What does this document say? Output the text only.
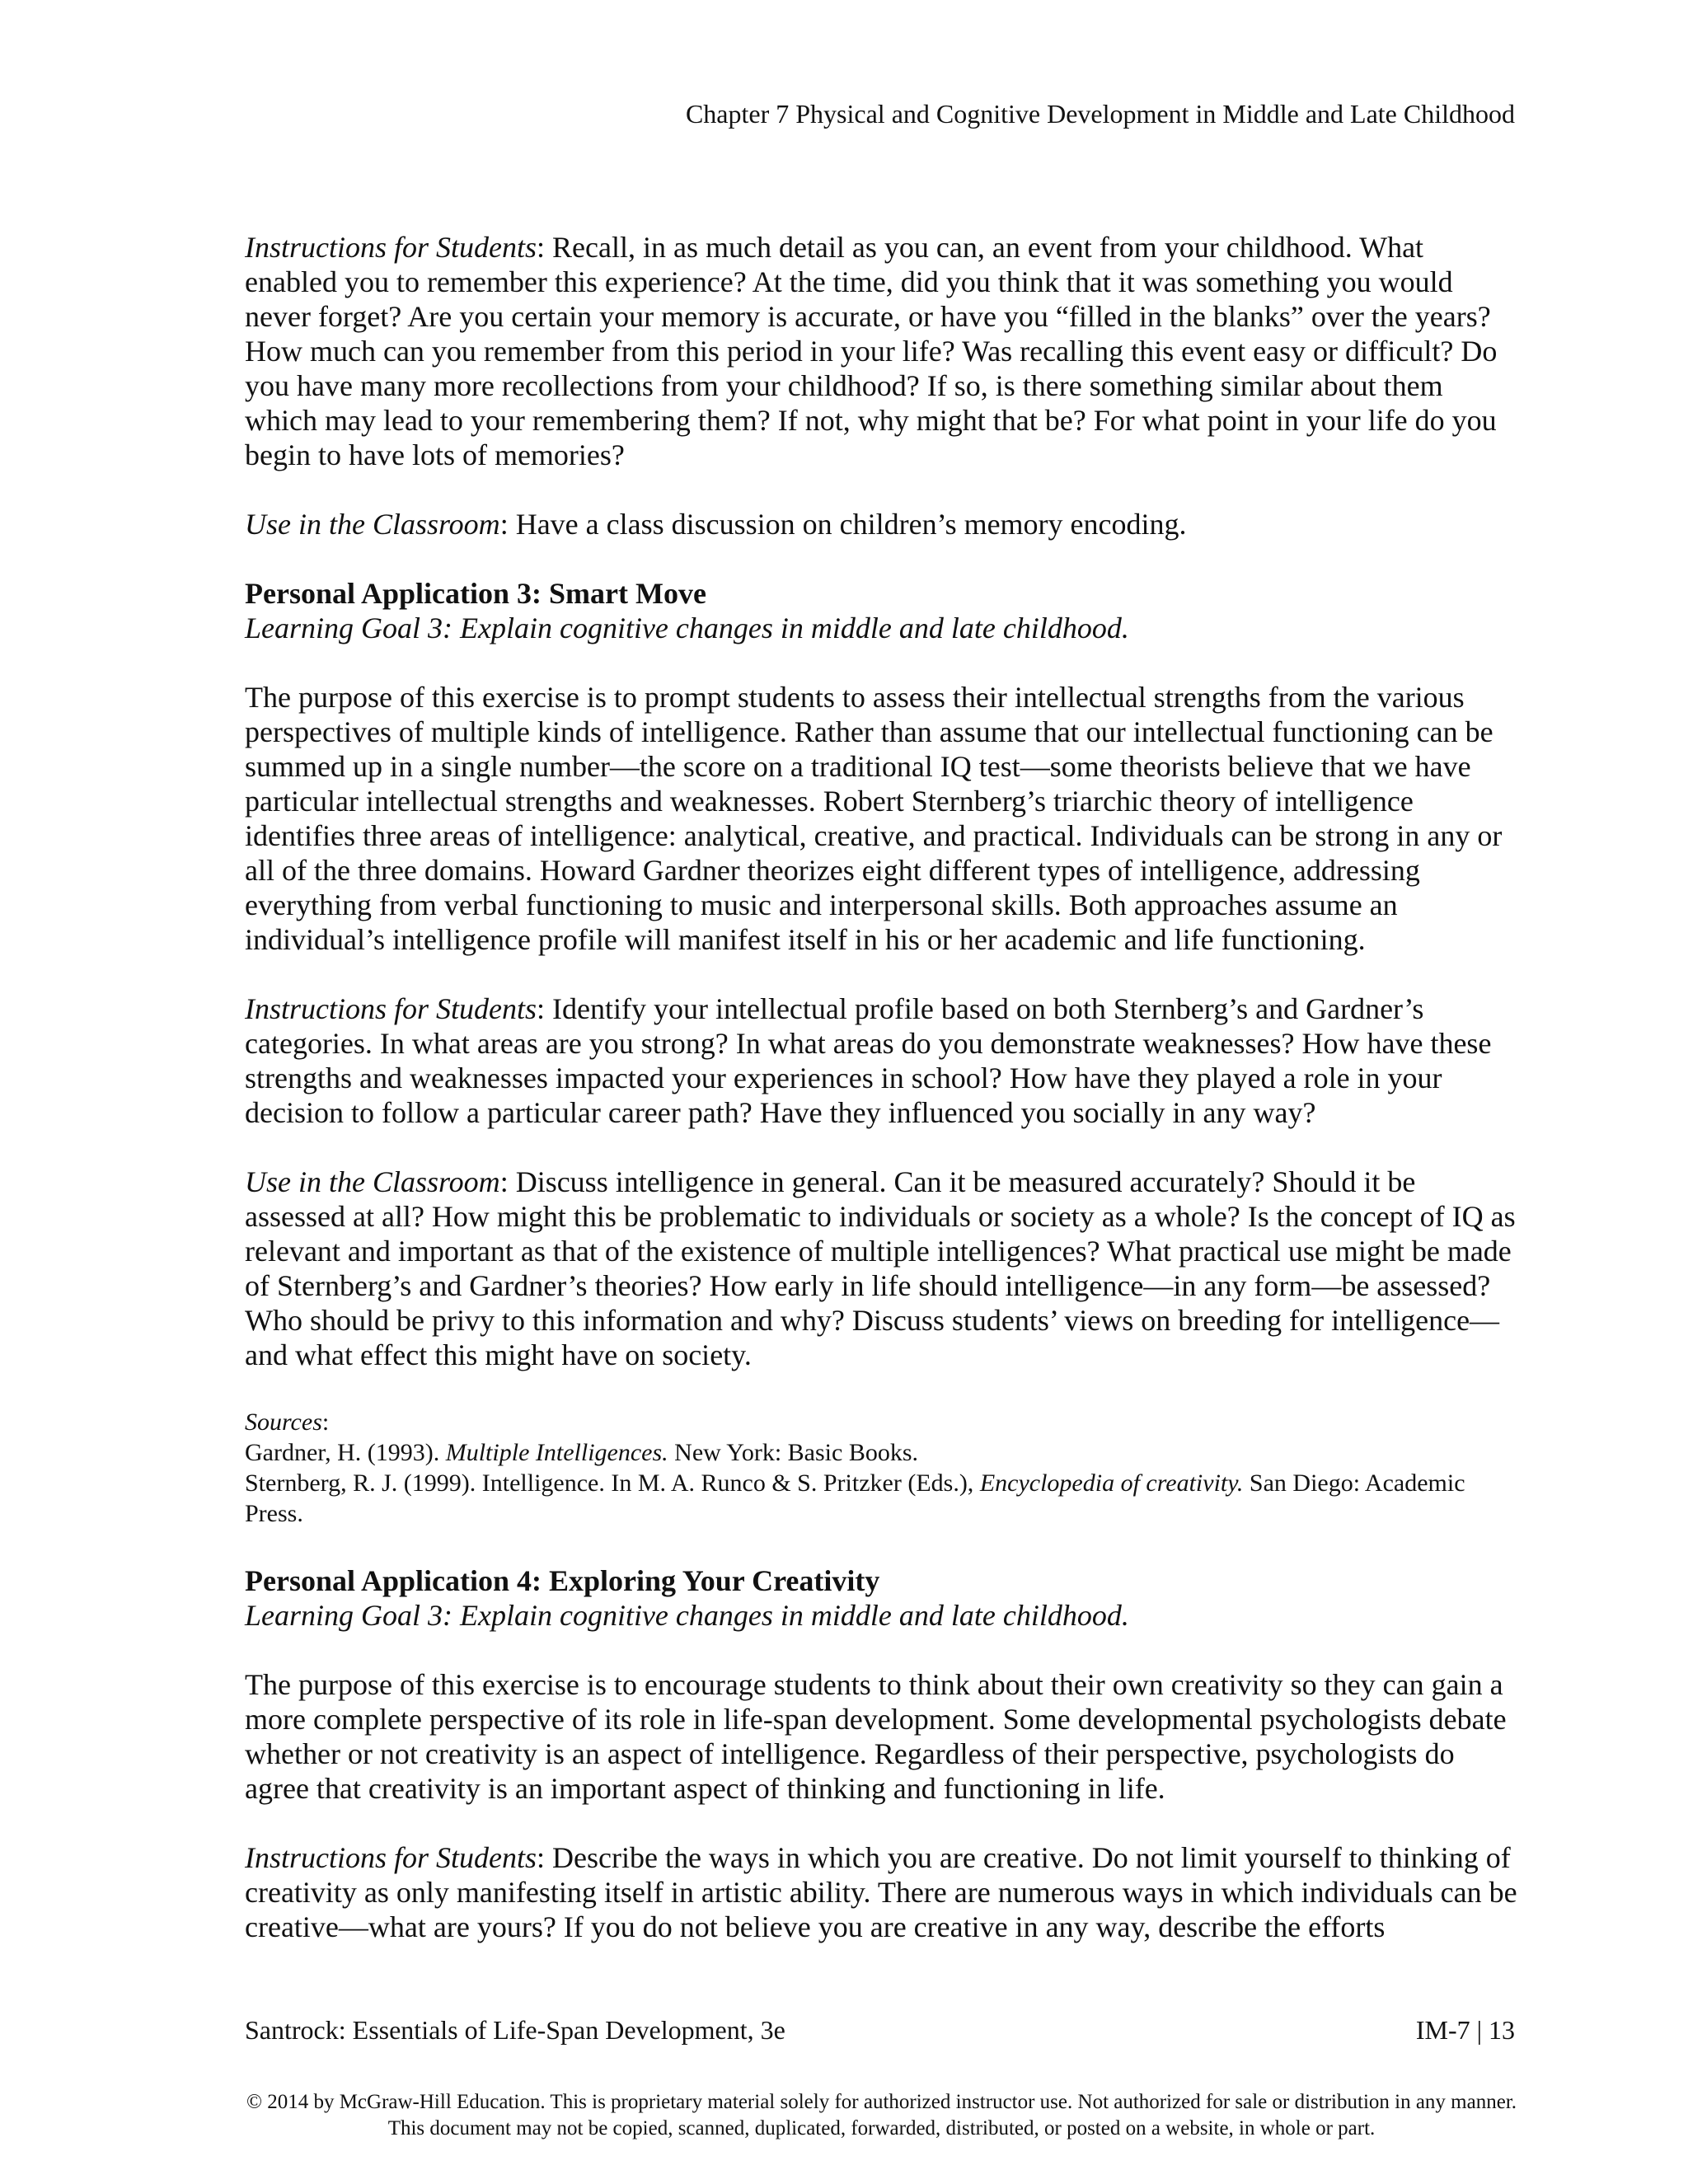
Chapter 7 Physical and Cognitive Development in Middle and Late Childhood

Instructions for Students: Recall, in as much detail as you can, an event from your childhood. What enabled you to remember this experience? At the time, did you think that it was something you would never forget? Are you certain your memory is accurate, or have you “filled in the blanks” over the years? How much can you remember from this period in your life? Was recalling this event easy or difficult? Do you have many more recollections from your childhood? If so, is there something similar about them which may lead to your remembering them? If not, why might that be? For what point in your life do you begin to have lots of memories?

Use in the Classroom: Have a class discussion on children’s memory encoding.

Personal Application 3: Smart Move

Learning Goal 3: Explain cognitive changes in middle and late childhood.

The purpose of this exercise is to prompt students to assess their intellectual strengths from the various perspectives of multiple kinds of intelligence. Rather than assume that our intellectual functioning can be summed up in a single number—the score on a traditional IQ test—some theorists believe that we have particular intellectual strengths and weaknesses. Robert Sternberg’s triarchic theory of intelligence identifies three areas of intelligence: analytical, creative, and practical. Individuals can be strong in any or all of the three domains. Howard Gardner theorizes eight different types of intelligence, addressing everything from verbal functioning to music and interpersonal skills. Both approaches assume an individual’s intelligence profile will manifest itself in his or her academic and life functioning.

Instructions for Students: Identify your intellectual profile based on both Sternberg’s and Gardner’s categories. In what areas are you strong? In what areas do you demonstrate weaknesses? How have these strengths and weaknesses impacted your experiences in school? How have they played a role in your decision to follow a particular career path? Have they influenced you socially in any way?

Use in the Classroom: Discuss intelligence in general. Can it be measured accurately? Should it be assessed at all? How might this be problematic to individuals or society as a whole? Is the concept of IQ as relevant and important as that of the existence of multiple intelligences? What practical use might be made of Sternberg’s and Gardner’s theories? How early in life should intelligence—in any form—be assessed? Who should be privy to this information and why? Discuss students’ views on breeding for intelligence—and what effect this might have on society.

Sources:

Gardner, H. (1993). Multiple Intelligences. New York: Basic Books.

Sternberg, R. J. (1999). Intelligence. In M. A. Runco & S. Pritzker (Eds.), Encyclopedia of creativity. San Diego: Academic Press.

Personal Application 4: Exploring Your Creativity

Learning Goal 3: Explain cognitive changes in middle and late childhood.

The purpose of this exercise is to encourage students to think about their own creativity so they can gain a more complete perspective of its role in life-span development. Some developmental psychologists debate whether or not creativity is an aspect of intelligence. Regardless of their perspective, psychologists do agree that creativity is an important aspect of thinking and functioning in life.

Instructions for Students: Describe the ways in which you are creative. Do not limit yourself to thinking of creativity as only manifesting itself in artistic ability. There are numerous ways in which individuals can be creative—what are yours? If you do not believe you are creative in any way, describe the efforts

Santrock: Essentials of Life-Span Development, 3e	IM-7 | 13
© 2014 by McGraw-Hill Education. This is proprietary material solely for authorized instructor use. Not authorized for sale or distribution in any manner. This document may not be copied, scanned, duplicated, forwarded, distributed, or posted on a website, in whole or part.
